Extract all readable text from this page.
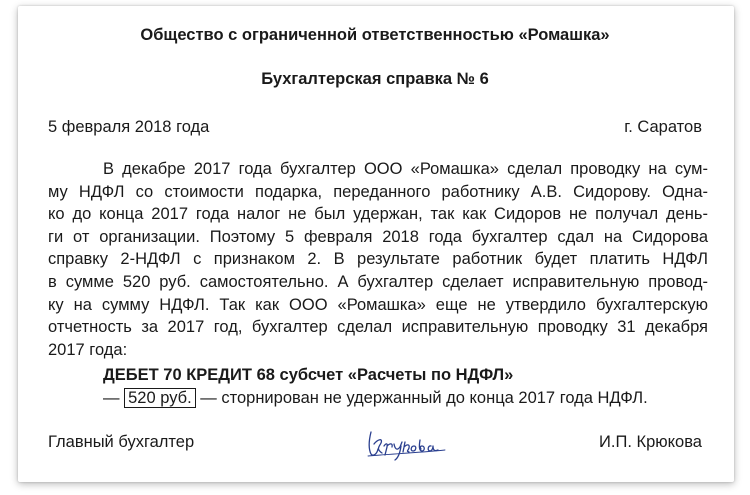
Общество с ограниченной ответственностью «Ромашка»
Бухгалтерская справка № 6
5 февраля 2018 года	г. Саратов
В декабре 2017 года бухгалтер ООО «Ромашка» сделал проводку на сум-
му НДФЛ со стоимости подарка, переданного работнику А.В. Сидорову. Одна-
ко до конца 2017 года налог не был удержан, так как Сидоров не получал день-
ги от организации. Поэтому 5 февраля 2018 года бухгалтер сдал на Сидорова
справку 2-НДФЛ с признаком 2. В результате работник будет платить НДФЛ
в сумме 520 руб. самостоятельно. А бухгалтер сделает исправительную провод-
ку на сумму НДФЛ. Так как ООО «Ромашка» еще не утвердило бухгалтерскую
отчетность за 2017 год, бухгалтер сделал исправительную проводку 31 декабря
2017 года:
ДЕБЕТ 70 КРЕДИТ 68 субсчет «Расчеты по НДФЛ»
— 520 руб. — сторнирован не удержанный до конца 2017 года НДФЛ.
Главный бухгалтер	И.П. Крюкова
